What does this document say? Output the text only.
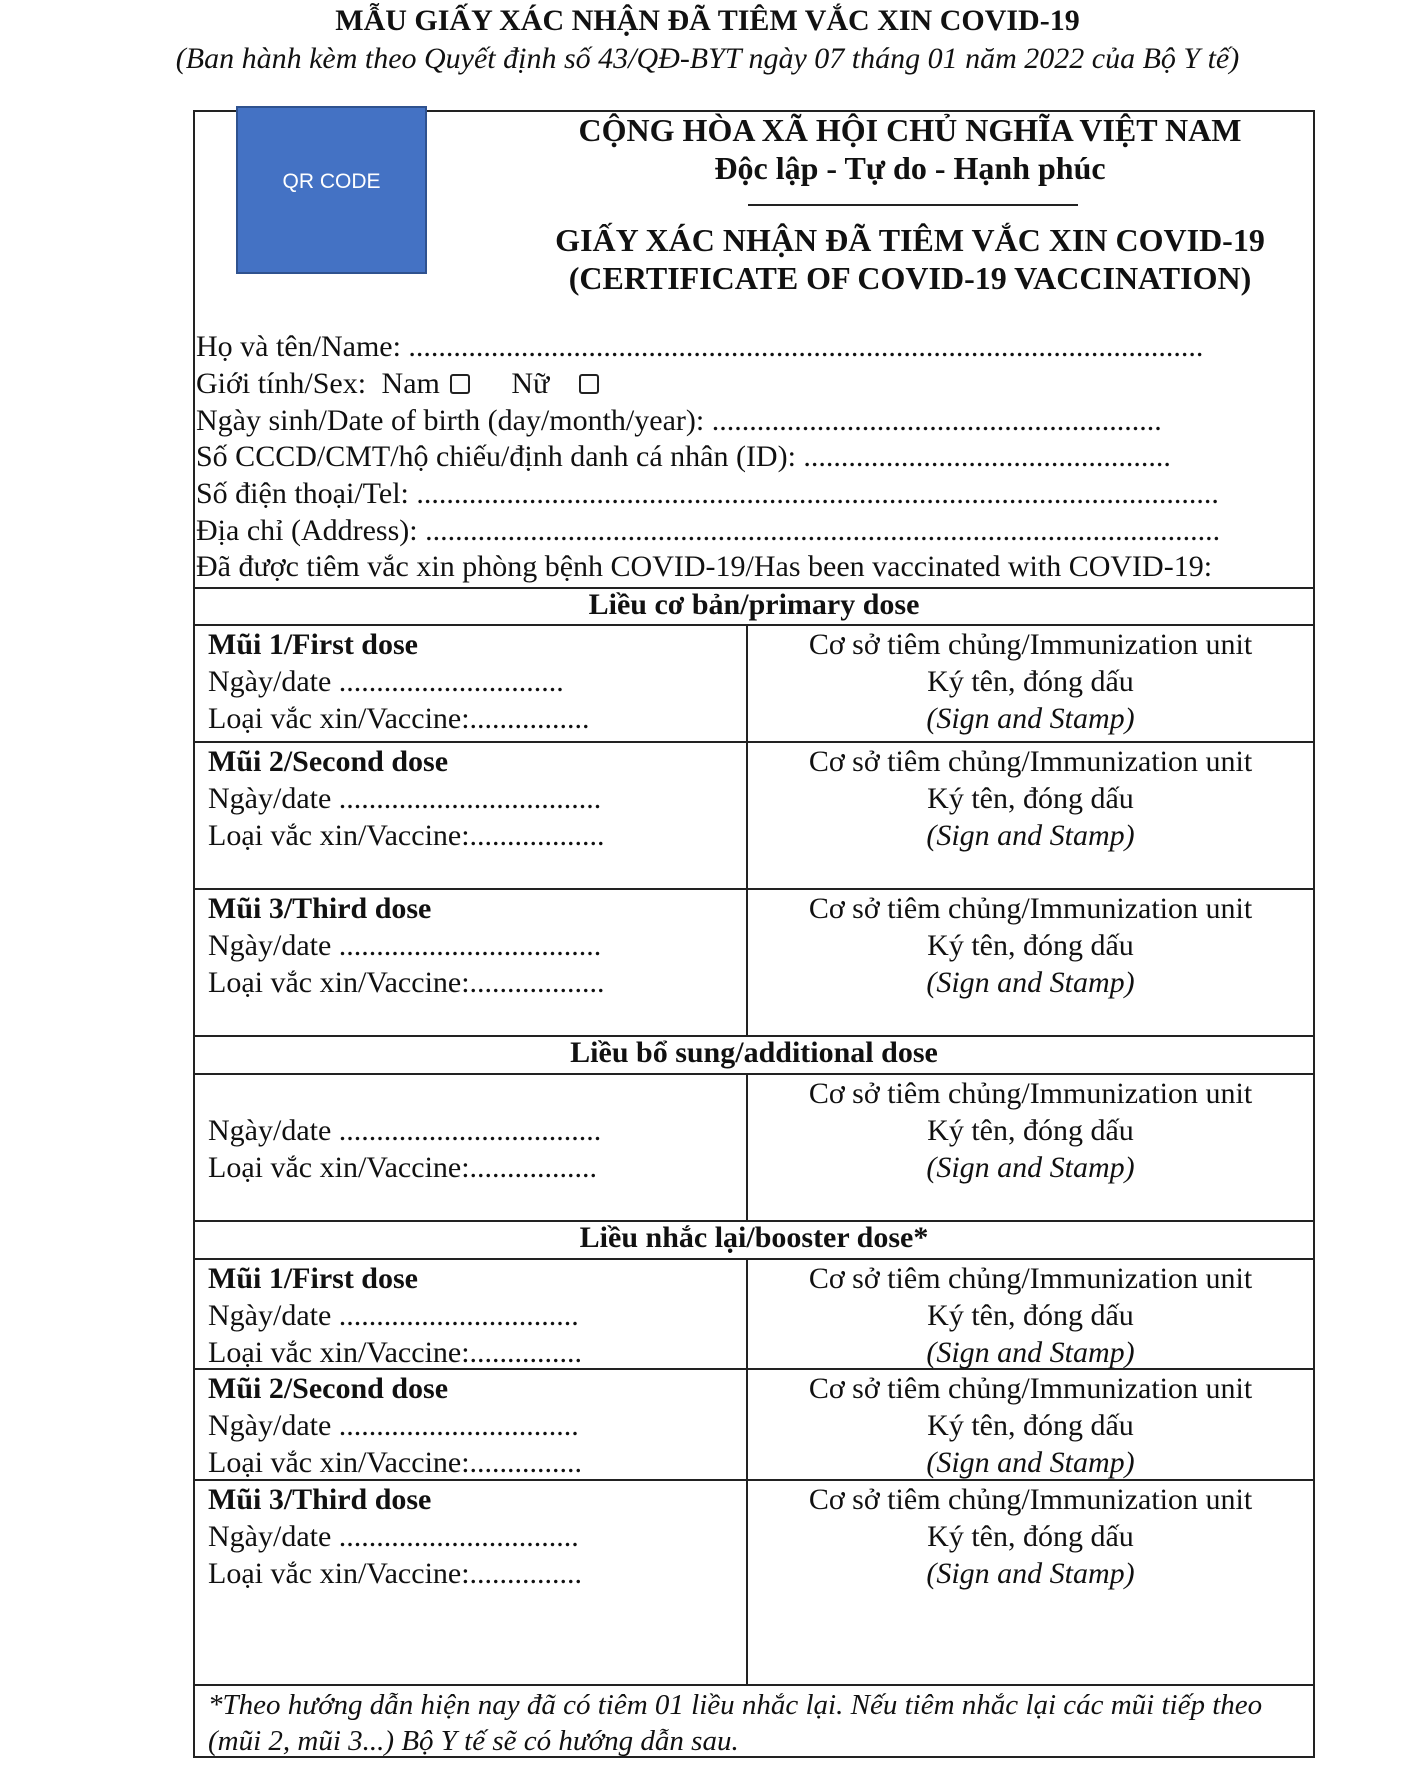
MẪU GIẤY XÁC NHẬN ĐÃ TIÊM VẮC XIN COVID-19
(Ban hành kèm theo Quyết định số 43/QĐ-BYT ngày 07 tháng 01 năm 2022 của Bộ Y tế)
QR CODE
CỘNG HÒA XÃ HỘI CHỦ NGHĨA VIỆT NAM
Độc lập - Tự do - Hạnh phúc
GIẤY XÁC NHẬN ĐÃ TIÊM VẮC XIN COVID-19
(CERTIFICATE OF COVID-19 VACCINATION)
Họ và tên/Name: ..........................................................................................................
Giới tính/Sex: Nam Nữ
Ngày sinh/Date of birth (day/month/year): ............................................................
Số CCCD/CMT/hộ chiếu/định danh cá nhân (ID): .................................................
Số điện thoại/Tel: ...........................................................................................................
Địa chỉ (Address): ..........................................................................................................
Đã được tiêm vắc xin phòng bệnh COVID-19/Has been vaccinated with COVID-19:
Liều cơ bản/primary dose
Mũi 1/First dose
Ngày/date ..............................
Loại vắc xin/Vaccine:................
Cơ sở tiêm chủng/Immunization unit
Ký tên, đóng dấu
(Sign and Stamp)
Mũi 2/Second dose
Ngày/date ...................................
Loại vắc xin/Vaccine:..................
Cơ sở tiêm chủng/Immunization unit
Ký tên, đóng dấu
(Sign and Stamp)
Mũi 3/Third dose
Ngày/date ...................................
Loại vắc xin/Vaccine:..................
Cơ sở tiêm chủng/Immunization unit
Ký tên, đóng dấu
(Sign and Stamp)
Liều bổ sung/additional dose
Ngày/date ...................................
Loại vắc xin/Vaccine:.................
Cơ sở tiêm chủng/Immunization unit
Ký tên, đóng dấu
(Sign and Stamp)
Liều nhắc lại/booster dose*
Mũi 1/First dose
Ngày/date ................................
Loại vắc xin/Vaccine:...............
Cơ sở tiêm chủng/Immunization unit
Ký tên, đóng dấu
(Sign and Stamp)
Mũi 2/Second dose
Ngày/date ................................
Loại vắc xin/Vaccine:...............
Cơ sở tiêm chủng/Immunization unit
Ký tên, đóng dấu
(Sign and Stamp)
Mũi 3/Third dose
Ngày/date ................................
Loại vắc xin/Vaccine:...............
Cơ sở tiêm chủng/Immunization unit
Ký tên, đóng dấu
(Sign and Stamp)
*Theo hướng dẫn hiện nay đã có tiêm 01 liều nhắc lại. Nếu tiêm nhắc lại các mũi tiếp theo (mũi 2, mũi 3...) Bộ Y tế sẽ có hướng dẫn sau.
